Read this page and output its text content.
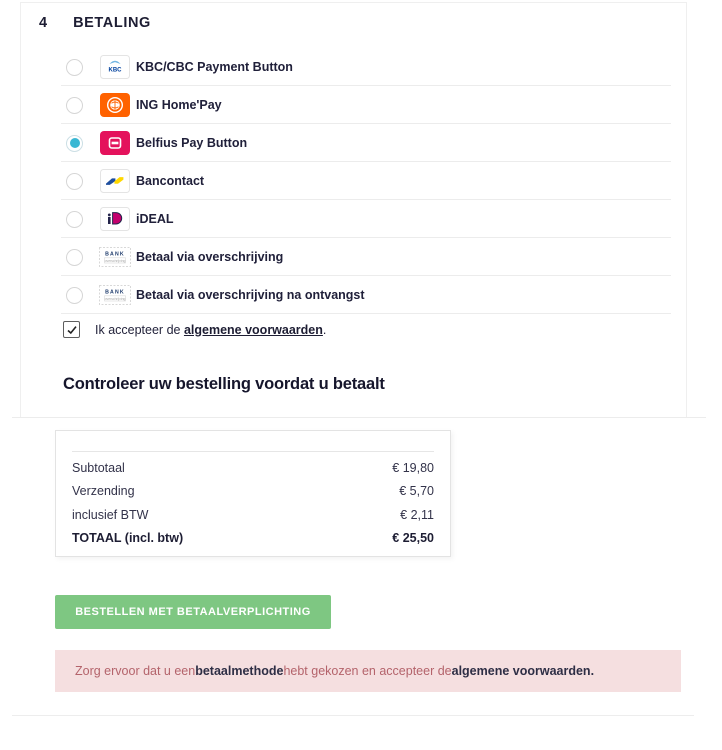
4 BETALING
KBC KBC/CBC Payment Button
ING Home'Pay
Belfius Pay Button
Bancontact
iDEAL
BANK
overschrijving Betaal via overschrijving
BANK
overschrijving Betaal via overschrijving na ontvangst
Ik accepteer de algemene voorwaarden.
Controleer uw bestelling voordat u betaalt
Subtotaal	€ 19,80
Verzending	€ 5,70
inclusief BTW	€ 2,11
TOTAAL (incl. btw)	€ 25,50
BESTELLEN MET BETAALVERPLICHTING
Zorg ervoor dat u een betaalmethode hebt gekozen en accepteer de algemene voorwaarden .
